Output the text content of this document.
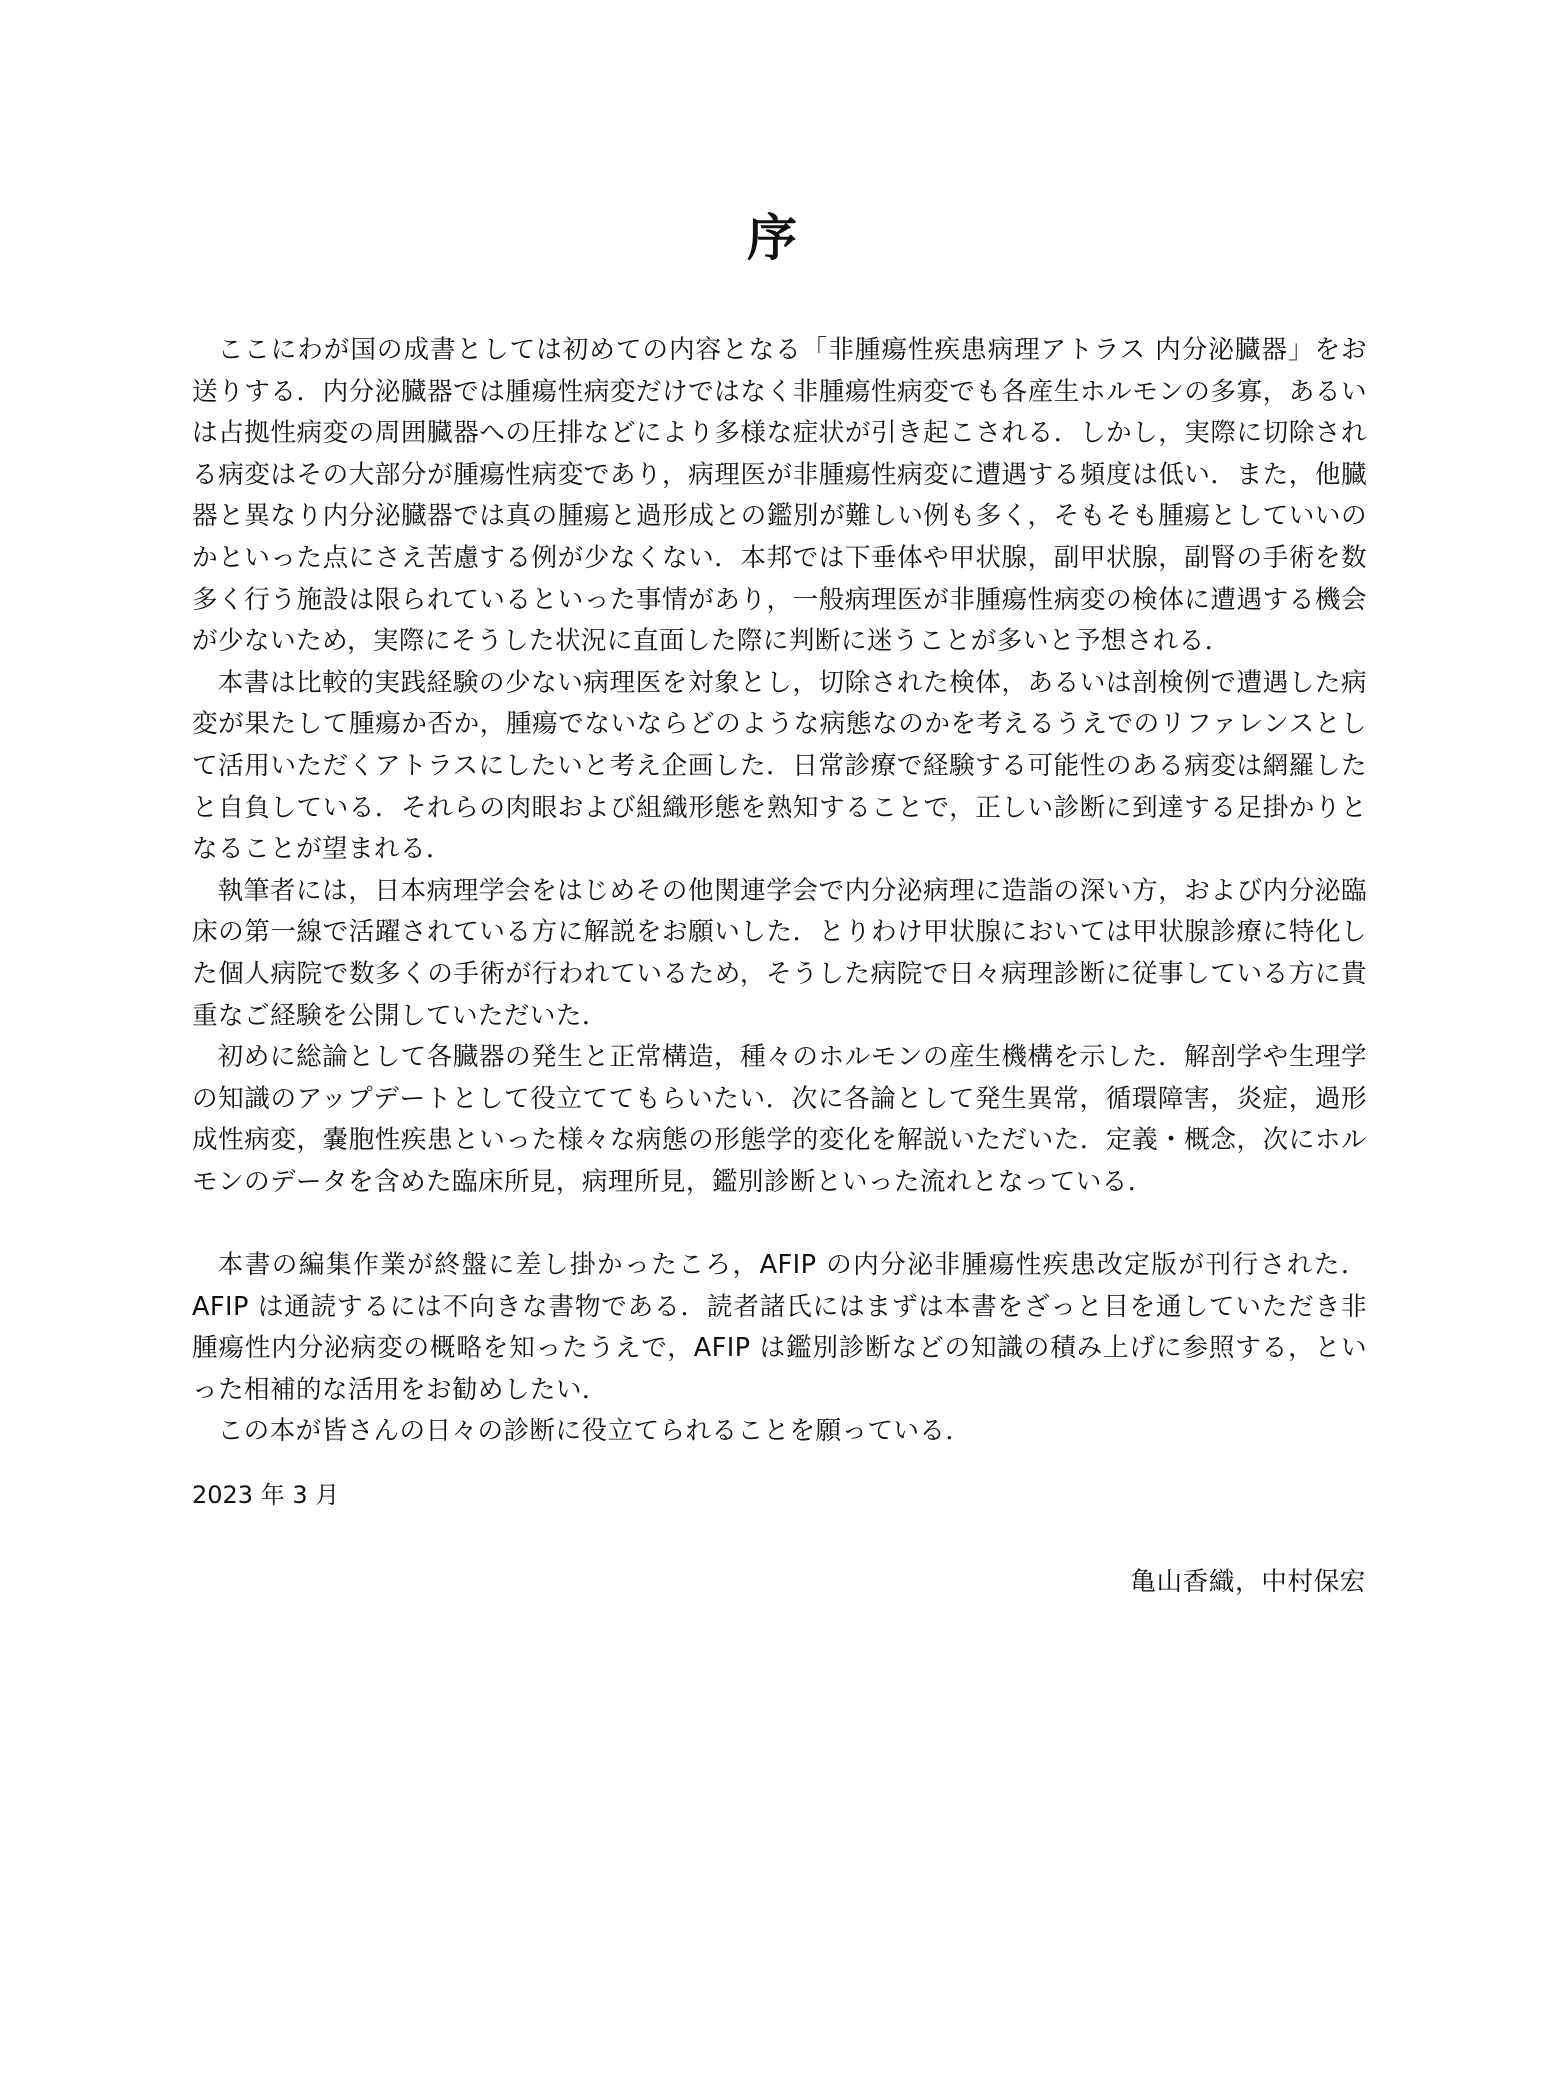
序

ここにわが国の成書としては初めての内容となる「非腫瘍性疾患病理アトラス 内分泌臓器」をお送りする．内分泌臓器では腫瘍性病変だけではなく非腫瘍性病変でも各産生ホルモンの多寡，あるいは占拠性病変の周囲臓器への圧排などにより多様な症状が引き起こされる．しかし，実際に切除される病変はその大部分が腫瘍性病変であり，病理医が非腫瘍性病変に遭遇する頻度は低い．また，他臓器と異なり内分泌臓器では真の腫瘍と過形成との鑑別が難しい例も多く，そもそも腫瘍としていいのかといった点にさえ苦慮する例が少なくない．本邦では下垂体や甲状腺，副甲状腺，副腎の手術を数多く行う施設は限られているといった事情があり，一般病理医が非腫瘍性病変の検体に遭遇する機会が少ないため，実際にそうした状況に直面した際に判断に迷うことが多いと予想される．

本書は比較的実践経験の少ない病理医を対象とし，切除された検体，あるいは剖検例で遭遇した病変が果たして腫瘍か否か，腫瘍でないならどのような病態なのかを考えるうえでのリファレンスとして活用いただくアトラスにしたいと考え企画した．日常診療で経験する可能性のある病変は網羅したと自負している．それらの肉眼および組織形態を熟知することで，正しい診断に到達する足掛かりとなることが望まれる．

執筆者には，日本病理学会をはじめその他関連学会で内分泌病理に造詣の深い方，および内分泌臨床の第一線で活躍されている方に解説をお願いした．とりわけ甲状腺においては甲状腺診療に特化した個人病院で数多くの手術が行われているため，そうした病院で日々病理診断に従事している方に貴重なご経験を公開していただいた．

初めに総論として各臓器の発生と正常構造，種々のホルモンの産生機構を示した．解剖学や生理学の知識のアップデートとして役立ててもらいたい．次に各論として発生異常，循環障害，炎症，過形成性病変，嚢胞性疾患といった様々な病態の形態学的変化を解説いただいた．定義・概念，次にホルモンのデータを含めた臨床所見，病理所見，鑑別診断といった流れとなっている．

本書の編集作業が終盤に差し掛かったころ，AFIP の内分泌非腫瘍性疾患改定版が刊行された．AFIP は通読するには不向きな書物である．読者諸氏にはまずは本書をざっと目を通していただき非腫瘍性内分泌病変の概略を知ったうえで，AFIP は鑑別診断などの知識の積み上げに参照する，といった相補的な活用をお勧めしたい．

この本が皆さんの日々の診断に役立てられることを願っている．

2023 年 3 月
亀山香織，中村保宏
